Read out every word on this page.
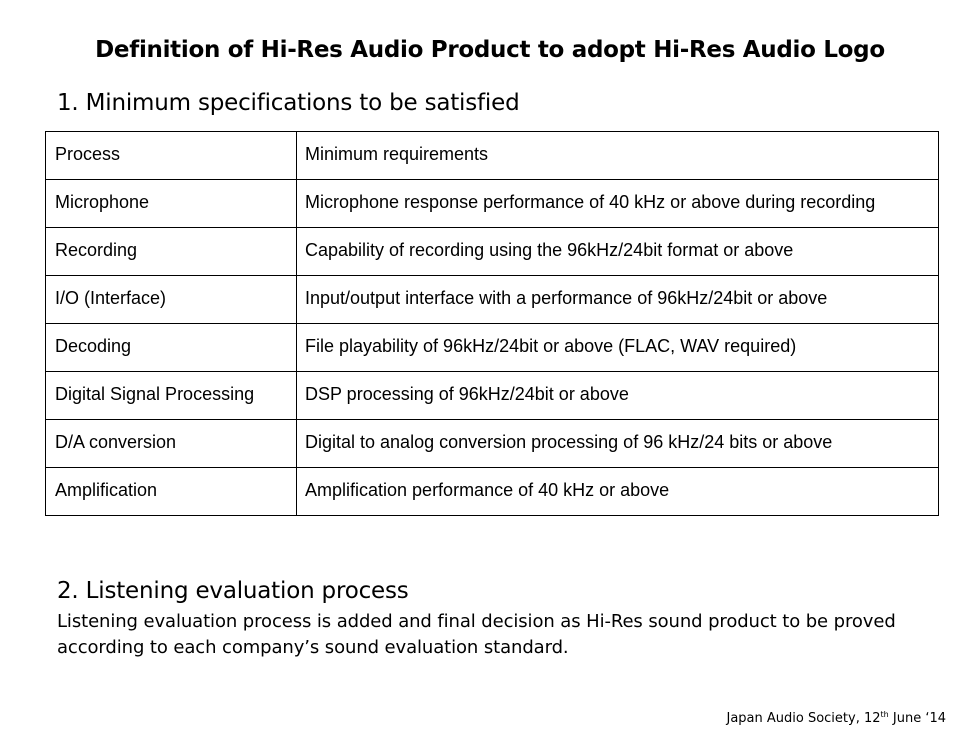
Definition of Hi-Res Audio Product to adopt Hi-Res Audio Logo
1. Minimum specifications to be satisfied
Process	Minimum requirements
Microphone	Microphone response performance of 40 kHz or above during recording
Recording	Capability of recording using the 96kHz/24bit format or above
I/O (Interface)	Input/output interface with a performance of 96kHz/24bit or above
Decoding	File playability of 96kHz/24bit or above (FLAC, WAV required)
Digital Signal Processing	DSP processing of 96kHz/24bit or above
D/A conversion	Digital to analog conversion processing of 96 kHz/24 bits or above
Amplification	Amplification performance of 40 kHz or above
2. Listening evaluation process
Listening evaluation process is added and final decision as Hi-Res sound product to be proved according to each company’s sound evaluation standard.
Japan Audio Society, 12th June ‘14
